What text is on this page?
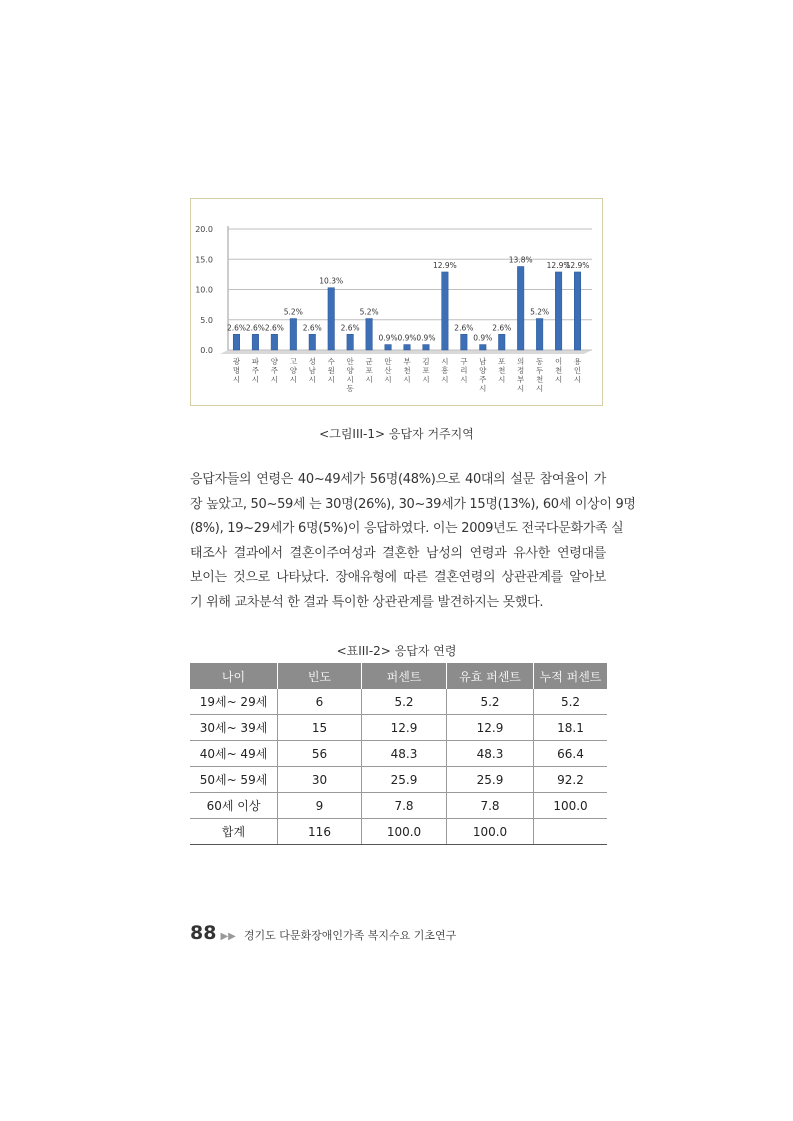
0.0
5.0
10.0
15.0
20.0
2.6% 2.6% 2.6%
5.2%
2.6%
10.3%
2.6%
5.2%
0.9% 0.9% 0.9%
12.9%
2.6%
0.9%
2.6%
13.8%
5.2%
12.9%
12.9%
광 명 시
파 주 시
양 주 시
고 양 시
성 남 시
수 원 시
안 양 시 동
군 포 시
안 산 시
부 천 시
김 포 시
시 흥 시
구 리 시
남 양 주 시
포 천 시
의 정 부 시
동 두 천 시
이 천 시
용 인 시
<그림III-1> 응답자 거주지역
응답자들의 연령은 40~49세가 56명(48%)으로 40대의 설문 참여율이 가
장 높았고, 50~59세 는 30명(26%), 30~39세가 15명(13%), 60세 이상이 9명
(8%), 19~29세가 6명(5%)이 응답하였다. 이는 2009년도 전국다문화가족 실
태조사 결과에서 결혼이주여성과 결혼한 남성의 연령과 유사한 연령대를
보이는 것으로 나타났다. 장애유형에 따른 결혼연령의 상관관계를 알아보
기 위해 교차분석 한 결과 특이한 상관관계를 발견하지는 못했다.
<표III-2> 응답자 연령
나이	빈도	퍼센트	유효 퍼센트	누적 퍼센트
19세~ 29세	6	5.2	5.2	5.2
30세~ 39세	15	12.9	12.9	18.1
40세~ 49세	56	48.3	48.3	66.4
50세~ 59세	30	25.9	25.9	92.2
60세 이상	9	7.8	7.8	100.0
합계	116	100.0	100.0	
88 ▶▶ 경기도 다문화장애인가족 복지수요 기초연구
